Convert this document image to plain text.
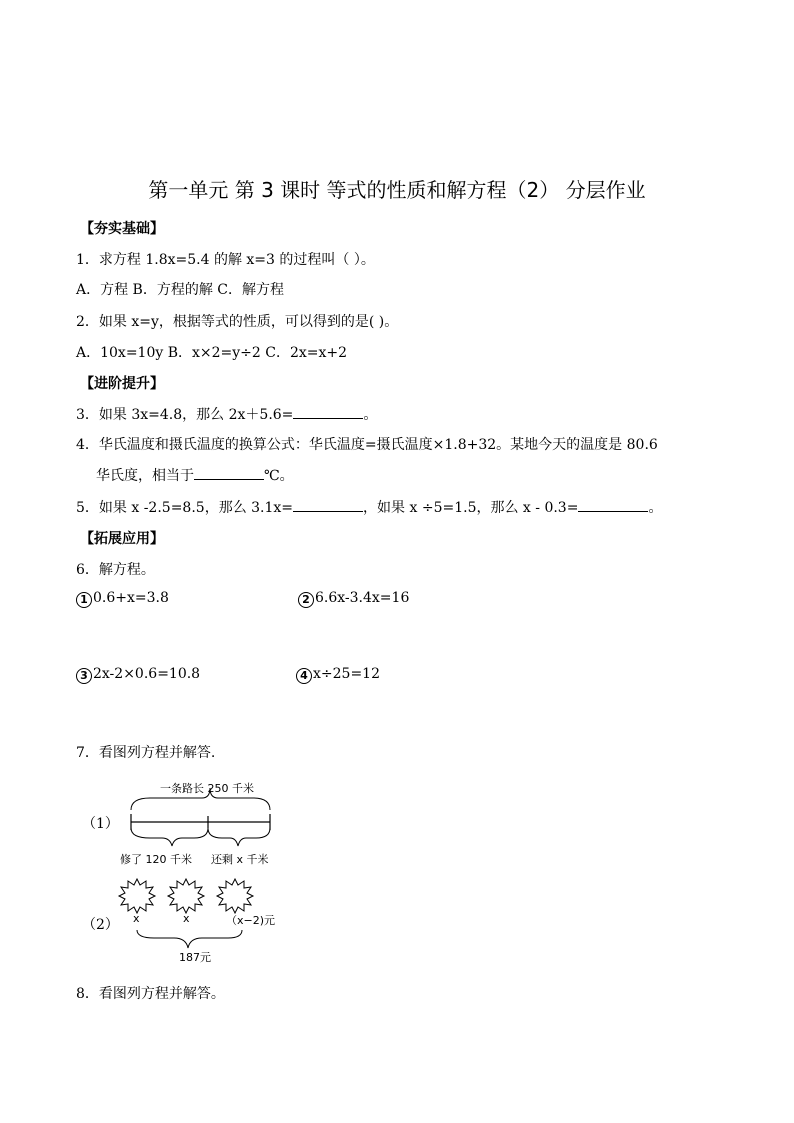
第一单元 第 3 课时 等式的性质和解方程（2） 分层作业
【夯实基础】
1．求方程 1.8x=5.4 的解 x=3 的过程叫（ ）。
A．方程 B．方程的解 C．解方程
2．如果 x=y，根据等式的性质，可以得到的是( )。
A．10x=10y B．x×2=y÷2 C．2x=x+2
【进阶提升】
3．如果 3x=4.8，那么 2x＋5.6=	。
4．华氏温度和摄氏温度的换算公式：华氏温度=摄氏温度×1.8+32。某地今天的温度是 80.6
华氏度，相当于	℃。
5．如果 x -2.5=8.5，那么 3.1x=	，如果 x ÷5=1.5，那么 x - 0.3=	。
【拓展应用】
6．解方程。
1 0.6+x=3.8	2 6.6x-3.4x=16
3 2x-2×0.6=10.8	4 x÷25=12
7．看图列方程并解答.
（1）
一条路长 250 千米
修了 120 千米 还剩 x 千米
（2） x	x	（x−2)元
187元
8．看图列方程并解答。
